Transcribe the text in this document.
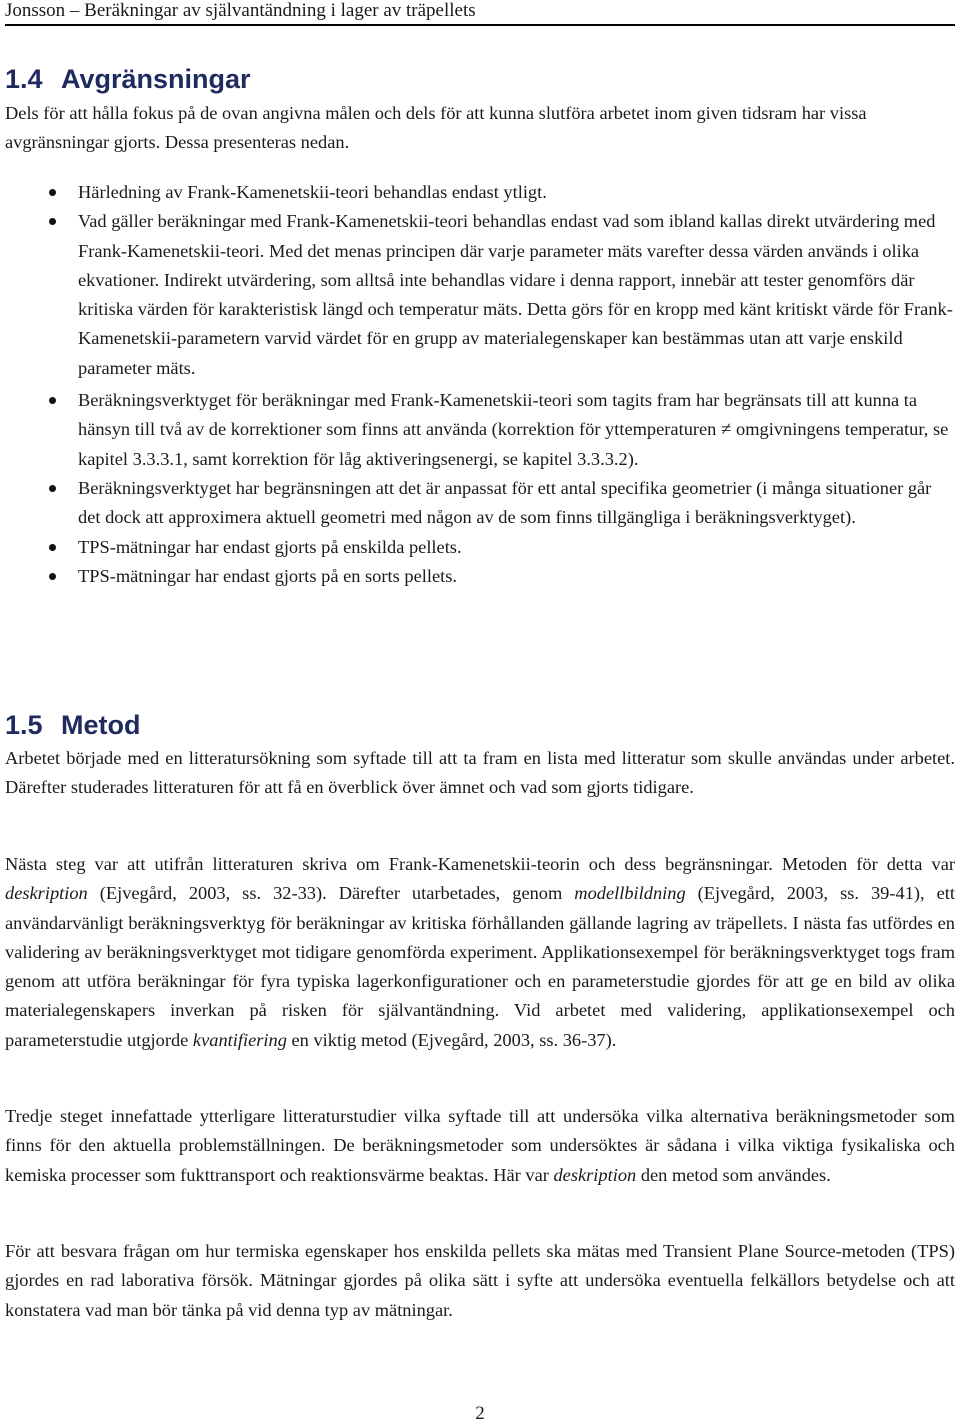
Jonsson – Beräkningar av självantändning i lager av träpellets
1.4 Avgränsningar

Dels för att hålla fokus på de ovan angivna målen och dels för att kunna slutföra arbetet inom given tidsram har vissa avgränsningar gjorts. Dessa presenteras nedan.

Härledning av Frank-Kamenetskii-teori behandlas endast ytligt.
Vad gäller beräkningar med Frank-Kamenetskii-teori behandlas endast vad som ibland kallas direkt utvärdering med Frank-Kamenetskii-teori. Med det menas principen där varje parameter mäts varefter dessa värden används i olika ekvationer. Indirekt utvärdering, som alltså inte behandlas vidare i denna rapport, innebär att tester genomförs där kritiska värden för karakteristisk längd och temperatur mäts. Detta görs för en kropp med känt kritiskt värde för Frank-Kamenetskii-parametern varvid värdet för en grupp av materialegenskaper kan bestämmas utan att varje enskild parameter mäts.
Beräkningsverktyget för beräkningar med Frank-Kamenetskii-teori som tagits fram har begränsats till att kunna ta hänsyn till två av de korrektioner som finns att använda (korrektion för yttemperaturen ≠ omgivningens temperatur, se kapitel 3.3.3.1, samt korrektion för låg aktiveringsenergi, se kapitel 3.3.3.2).
Beräkningsverktyget har begränsningen att det är anpassat för ett antal specifika geometrier (i många situationer går det dock att approximera aktuell geometri med någon av de som finns tillgängliga i beräkningsverktyget).
TPS-mätningar har endast gjorts på enskilda pellets.
TPS-mätningar har endast gjorts på en sorts pellets.
1.5 Metod

Arbetet började med en litteratursökning som syftade till att ta fram en lista med litteratur som skulle användas under arbetet. Därefter studerades litteraturen för att få en överblick över ämnet och vad som gjorts tidigare.

Nästa steg var att utifrån litteraturen skriva om Frank-Kamenetskii-teorin och dess begränsningar. Metoden för detta var deskription (Ejvegård, 2003, ss. 32-33). Därefter utarbetades, genom modellbildning (Ejvegård, 2003, ss. 39-41), ett användarvänligt beräkningsverktyg för beräkningar av kritiska förhållanden gällande lagring av träpellets. I nästa fas utfördes en validering av beräkningsverktyget mot tidigare genomförda experiment. Applikationsexempel för beräkningsverktyget togs fram genom att utföra beräkningar för fyra typiska lagerkonfigurationer och en parameterstudie gjordes för att ge en bild av olika materialegenskapers inverkan på risken för självantändning. Vid arbetet med validering, applikationsexempel och parameterstudie utgjorde kvantifiering en viktig metod (Ejvegård, 2003, ss. 36-37).

Tredje steget innefattade ytterligare litteraturstudier vilka syftade till att undersöka vilka alternativa beräkningsmetoder som finns för den aktuella problemställningen. De beräkningsmetoder som undersöktes är sådana i vilka viktiga fysikaliska och kemiska processer som fukttransport och reaktionsvärme beaktas. Här var deskription den metod som användes.

För att besvara frågan om hur termiska egenskaper hos enskilda pellets ska mätas med Transient Plane Source-metoden (TPS) gjordes en rad laborativa försök. Mätningar gjordes på olika sätt i syfte att undersöka eventuella felkällors betydelse och att konstatera vad man bör tänka på vid denna typ av mätningar.

2
